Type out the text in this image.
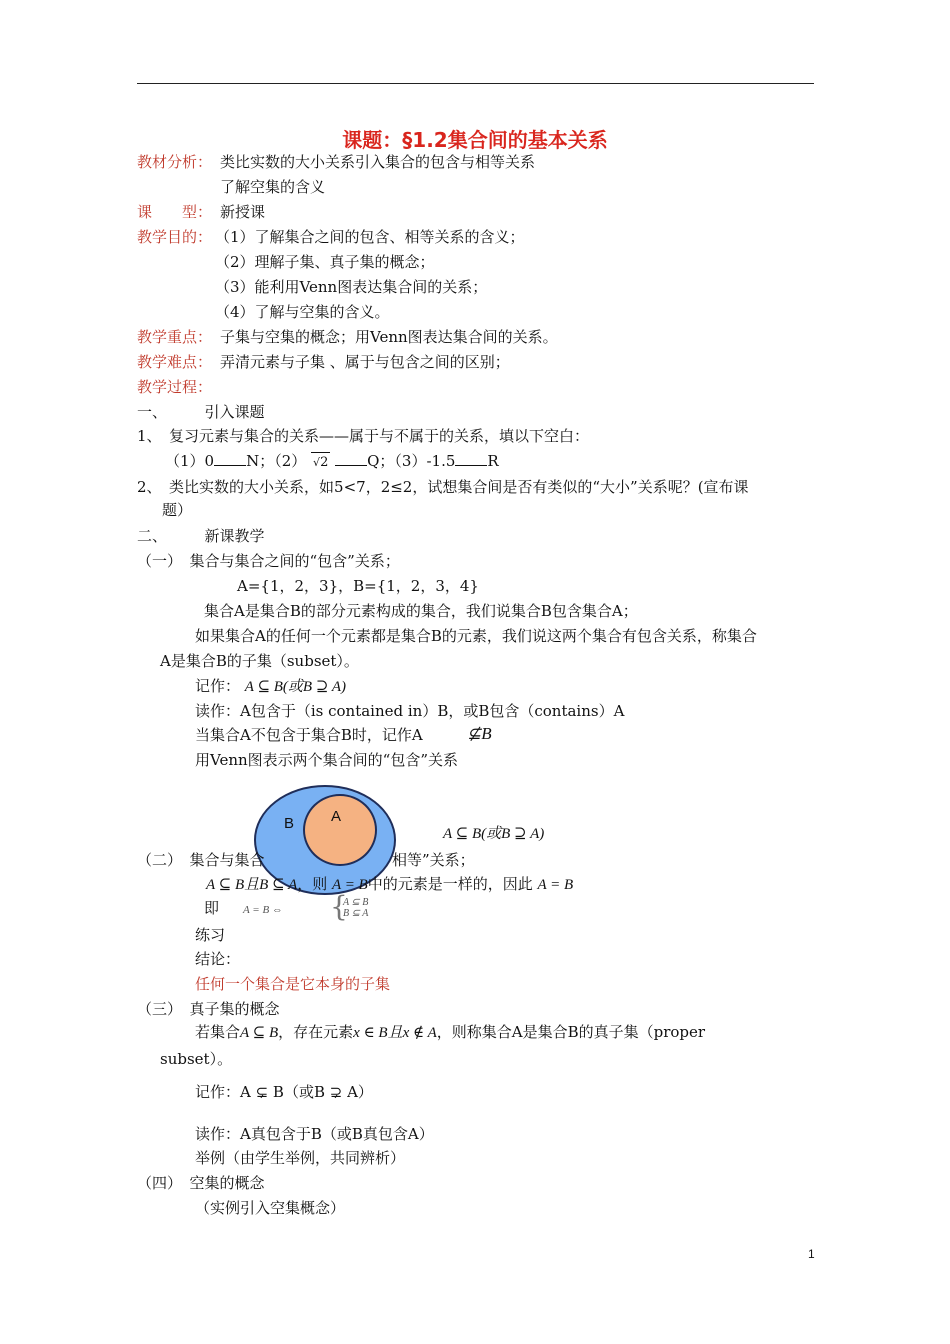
课题：§1.2集合间的基本关系
教材分析： 类比实数的大小关系引入集合的包含与相等关系
了解空集的含义
课　　型： 新授课
教学目的： （1）了解集合之间的包含、相等关系的含义；
（2）理解子集、真子集的概念；
（3）能利用Venn图表达集合间的关系；
（4）了解与空集的含义。
教学重点： 子集与空集的概念；用Venn图表达集合间的关系。
教学难点： 弄清元素与子集 、属于与包含之间的区别；
教学过程：
一、　　　引入课题
1、　复习元素与集合的关系——属于与不属于的关系，填以下空白：
（1）0 N；（2） √2	Q；（3）-1.5 R
2、　类比实数的大小关系，如5<7，2≤2，试想集合间是否有类似的“大小”关系呢？(宣布课
题）
二、　　　新课教学
（一）　集合与集合之间的“包含”关系；
A={1，2，3}，B={1，2，3，4}
集合A是集合B的部分元素构成的集合，我们说集合B包含集合A；
如果集合A的任何一个元素都是集合B的元素，我们说这两个集合有包含关系，称集合
A是集合B的子集（subset）。
记作： A ⊆ B(或B ⊇ A)
读作：A包含于（is contained in）B，或B包含（contains）A
当集合A不包含于集合B时，记作A	⊈B
用Venn图表示两个集合间的“包含”关系
B A
A ⊆ B(或B ⊇ A)
（二）　集合与集合	相等”关系；
A ⊆ B且B ⊆ A，则 A = B中的元素是一样的，因此 A = B
即 A = B ⇔ {
A ⊆ B
B ⊆ A
练习
结论：
任何一个集合是它本身的子集
（三）　真子集的概念
若集合A ⊆ B，存在元素x ∈ B且x ∉ A，则称集合A是集合B的真子集（proper
subset）。
记作：A ⊊ B（或B ⊋ A）
读作：A真包含于B（或B真包含A）
举例（由学生举例，共同辨析）
（四）　空集的概念
（实例引入空集概念）
1
